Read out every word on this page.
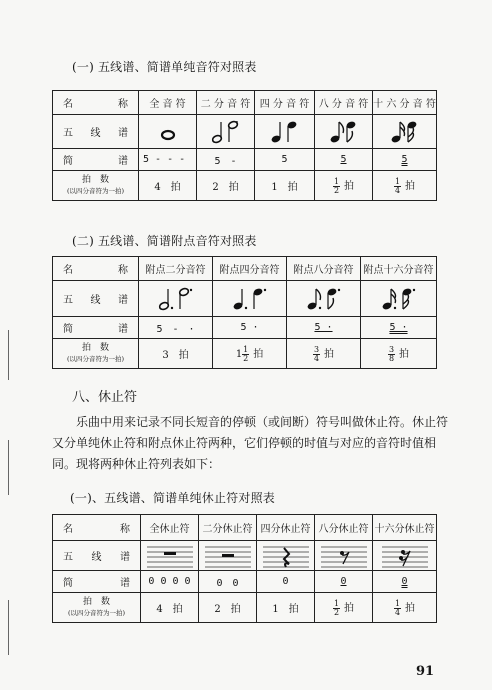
(一) 五线谱、简谱单纯音符对照表
名 称	全 音 符	二 分 音 符	四 分 音 符	八 分 音 符	十 六 分 音 符

五 线 谱

简 谱	5 - - -	5　-	5	5	5

拍　数
(以四分音符为一拍)	4　拍	2　拍	1　拍	$\frac{1}{2}$ 拍	$\frac{1}{4}$ 拍
(二) 五线谱、简谱附点音符对照表
名 称	附点二分音符	附点四分音符	附点八分音符	附点十六分音符

五 线 谱

简 谱	5　-　·	5 ·	5 ·	5 ·

拍　数
(以四分音符为一拍)	3　拍	$1 \frac{1}{2}$ 拍	$\frac{3}{4}$ 拍	$\frac{3}{8}$ 拍
八、休止符
乐曲中用来记录不同长短音的停顿（或间断）符号叫做休止符。休止符又分单纯休止符和附点休止符两种，它们停顿的时值与对应的音符时值相同。现将两种休止符列表如下：
(一)、五线谱、简谱单纯休止符对照表
名 称	全休止符	二分休止符	四分休止符	八分休止符	十六分休止符

五 线 谱

简 谱	0 0 0 0	0　0	0	0	0

拍　数
(以四分音符为一拍)	4　拍	2　拍	1　拍	$\frac{1}{2}$ 拍	$\frac{1}{4}$ 拍
91
